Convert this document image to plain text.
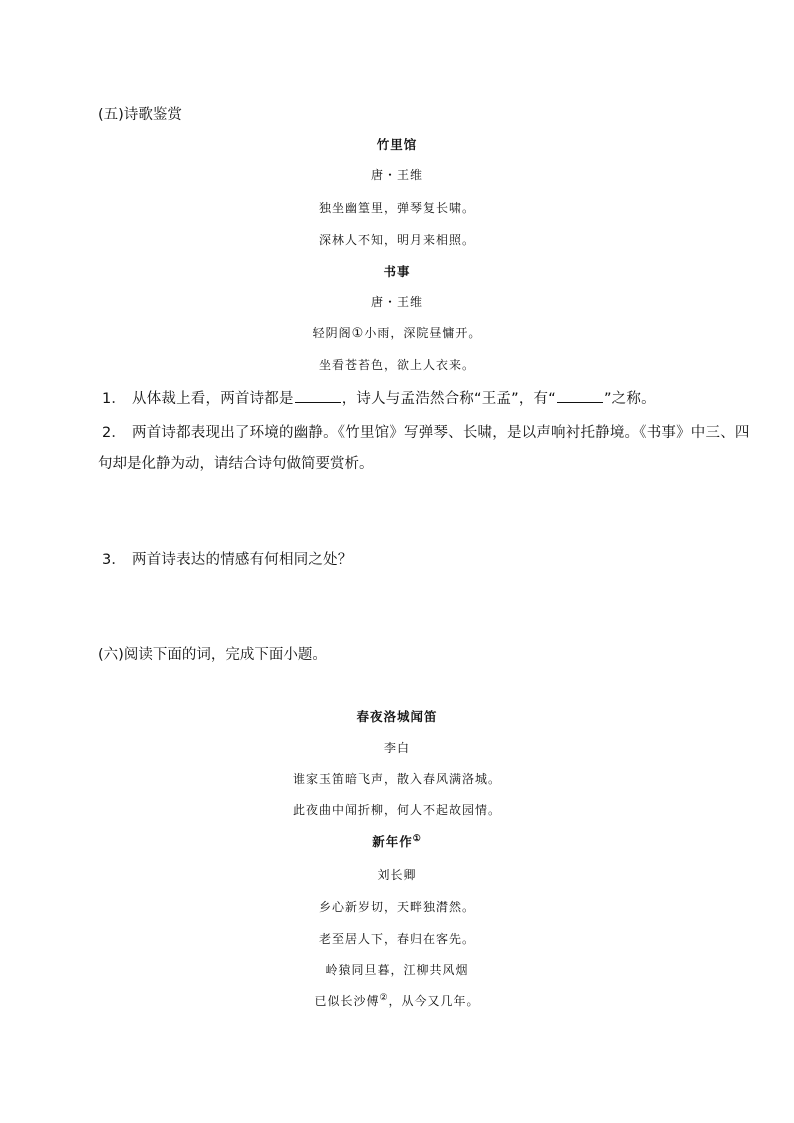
(五)诗歌鉴赏
竹里馆
唐・王维
独坐幽篁里，弹琴复长啸。
深林人不知，明月来相照。
书事
唐・王维
轻阴阁①小雨，深院昼慵开。
坐看苍苔色，欲上人衣来。
1． 从体裁上看，两首诗都是	，诗人与孟浩然合称“王孟”，有“	”之称。
2． 两首诗都表现出了环境的幽静。《竹里馆》写弹琴、长啸，是以声响衬托静境。《书事》中三、四
句却是化静为动，请结合诗句做简要赏析。
3． 两首诗表达的情感有何相同之处？
(六)阅读下面的词，完成下面小题。
春夜洛城闻笛
李白
谁家玉笛暗飞声，散入春风满洛城。
此夜曲中闻折柳，何人不起故园情。
新年作①
刘长卿
乡心新岁切，天畔独潸然。
老至居人下，春归在客先。
岭猿同旦暮，江柳共风烟
已似长沙傅②，从今又几年。
